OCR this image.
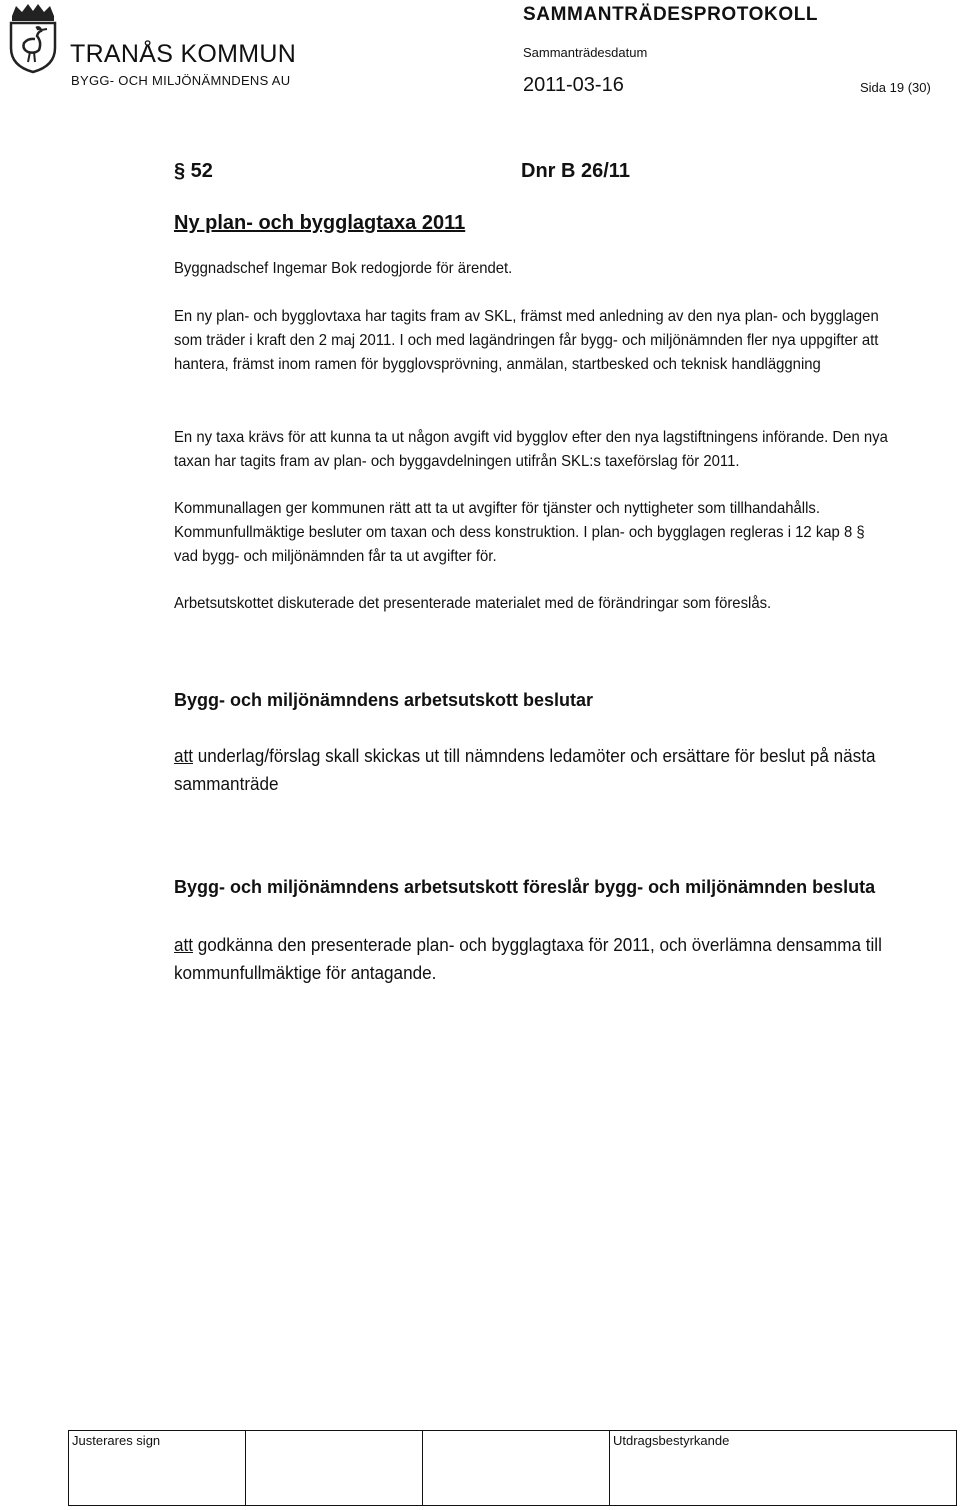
TRANÅS KOMMUN
BYGG- OCH MILJÖNÄMNDENS AU
SAMMANTRÄDESPROTOKOLL
Sammanträdesdatum
2011-03-16	Sida 19 (30)
§ 52	Dnr B 26/11
Ny plan- och bygglagtaxa 2011
Byggnadschef Ingemar Bok redogjorde för ärendet.
En ny plan- och bygglovtaxa har tagits fram av SKL, främst med anledning av den nya plan- och bygglagen som träder i kraft den 2 maj 2011. I och med lagändringen får bygg- och miljönämnden fler nya uppgifter att hantera, främst inom ramen för bygglovsprövning, anmälan, startbesked och teknisk handläggning
En ny taxa krävs för att kunna ta ut någon avgift vid bygglov efter den nya lagstiftningens införande. Den nya taxan har tagits fram av plan- och byggavdelningen utifrån SKL:s taxeförslag för 2011.
Kommunallagen ger kommunen rätt att ta ut avgifter för tjänster och nyttigheter som tillhandahålls. Kommunfullmäktige besluter om taxan och dess konstruktion. I plan- och bygglagen regleras i 12 kap 8 § vad bygg- och miljönämnden får ta ut avgifter för.
Arbetsutskottet diskuterade det presenterade materialet med de förändringar som föreslås.
Bygg- och miljönämndens arbetsutskott beslutar
att underlag/förslag skall skickas ut till nämndens ledamöter och ersättare för beslut på nästa sammanträde
Bygg- och miljönämndens arbetsutskott föreslår bygg- och miljönämnden besluta
att godkänna den presenterade plan- och bygglagtaxa för 2011, och överlämna densamma till kommunfullmäktige för antagande.
Justerares sign			Utdragsbestyrkande
